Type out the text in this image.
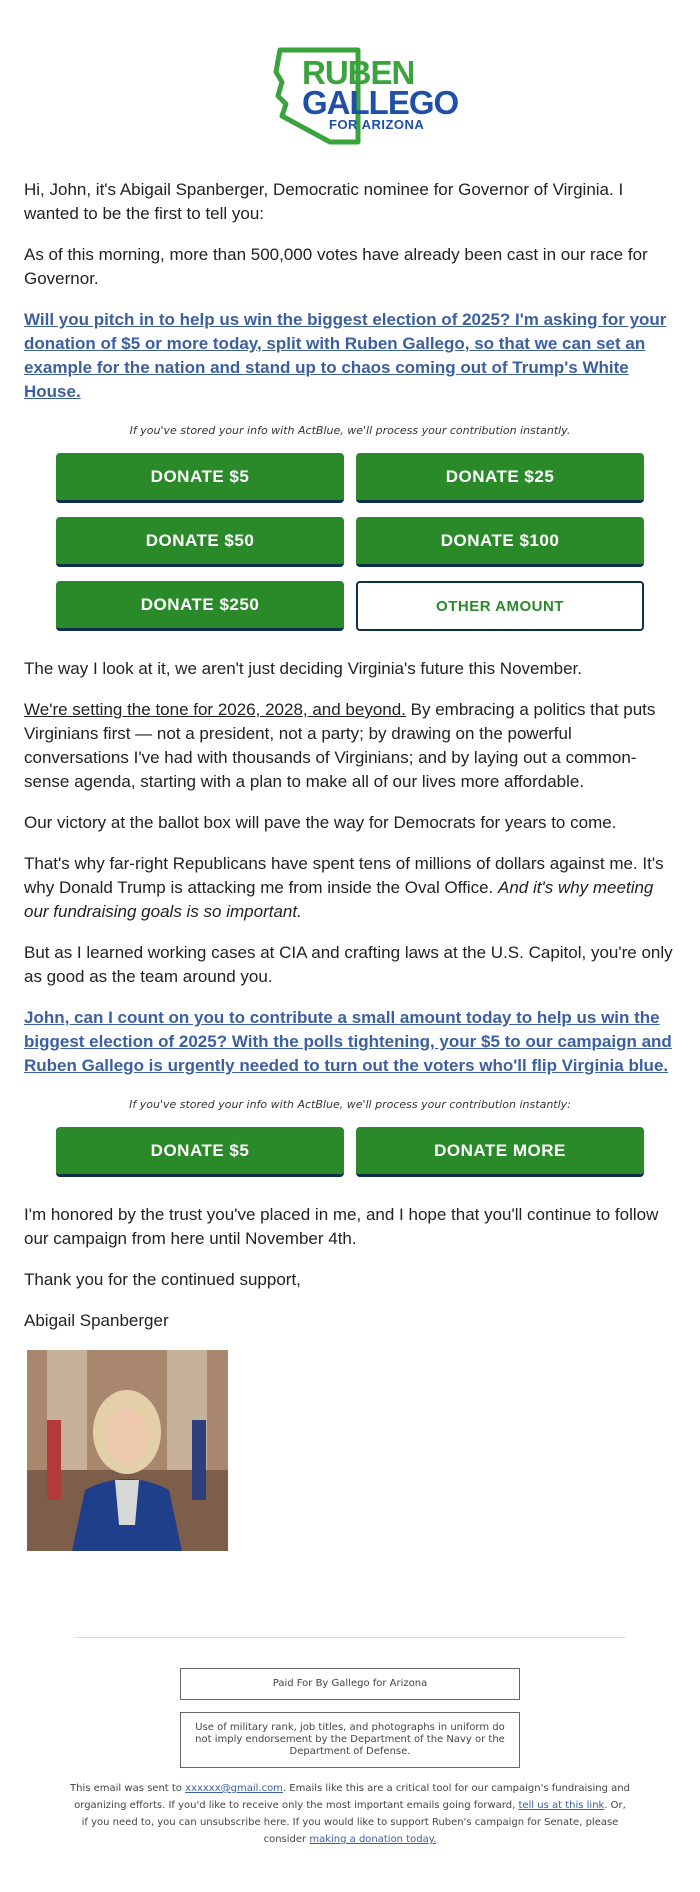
RUBEN
GALLEGO
FOR ARIZONA

Hi, John, it's Abigail Spanberger, Democratic nominee for Governor of Virginia. I wanted to be the first to tell you:

As of this morning, more than 500,000 votes have already been cast in our race for Governor.

Will you pitch in to help us win the biggest election of 2025? I'm asking for your donation of $5 or more today, split with Ruben Gallego, so that we can set an example for the nation and stand up to chaos coming out of Trump's White House.

If you've stored your info with ActBlue, we'll process your contribution instantly.
DONATE $5	DONATE $25
DONATE $50	DONATE $100
DONATE $250	OTHER AMOUNT

The way I look at it, we aren't just deciding Virginia's future this November.

We're setting the tone for 2026, 2028, and beyond. By embracing a politics that puts Virginians first — not a president, not a party; by drawing on the powerful conversations I've had with thousands of Virginians; and by laying out a common-sense agenda, starting with a plan to make all of our lives more affordable.

Our victory at the ballot box will pave the way for Democrats for years to come.

That's why far-right Republicans have spent tens of millions of dollars against me. It's why Donald Trump is attacking me from inside the Oval Office. And it's why meeting our fundraising goals is so important.

But as I learned working cases at CIA and crafting laws at the U.S. Capitol, you're only as good as the team around you.

John, can I count on you to contribute a small amount today to help us win the biggest election of 2025? With the polls tightening, your $5 to our campaign and Ruben Gallego is urgently needed to turn out the voters who'll flip Virginia blue.

If you've stored your info with ActBlue, we'll process your contribution instantly:
DONATE $5	DONATE MORE

I'm honored by the trust you've placed in me, and I hope that you'll continue to follow our campaign from here until November 4th.

Thank you for the continued support,

Abigail Spanberger

Paid For By Gallego for Arizona
Use of military rank, job titles, and photographs in uniform do not imply endorsement by the Department of the Navy or the Department of Defense.
This email was sent to xxxxxx@gmail.com. Emails like this are a critical tool for our campaign's fundraising and organizing efforts. If you'd like to receive only the most important emails going forward, tell us at this link. Or, if you need to, you can unsubscribe here. If you would like to support Ruben's campaign for Senate, please consider making a donation today.
